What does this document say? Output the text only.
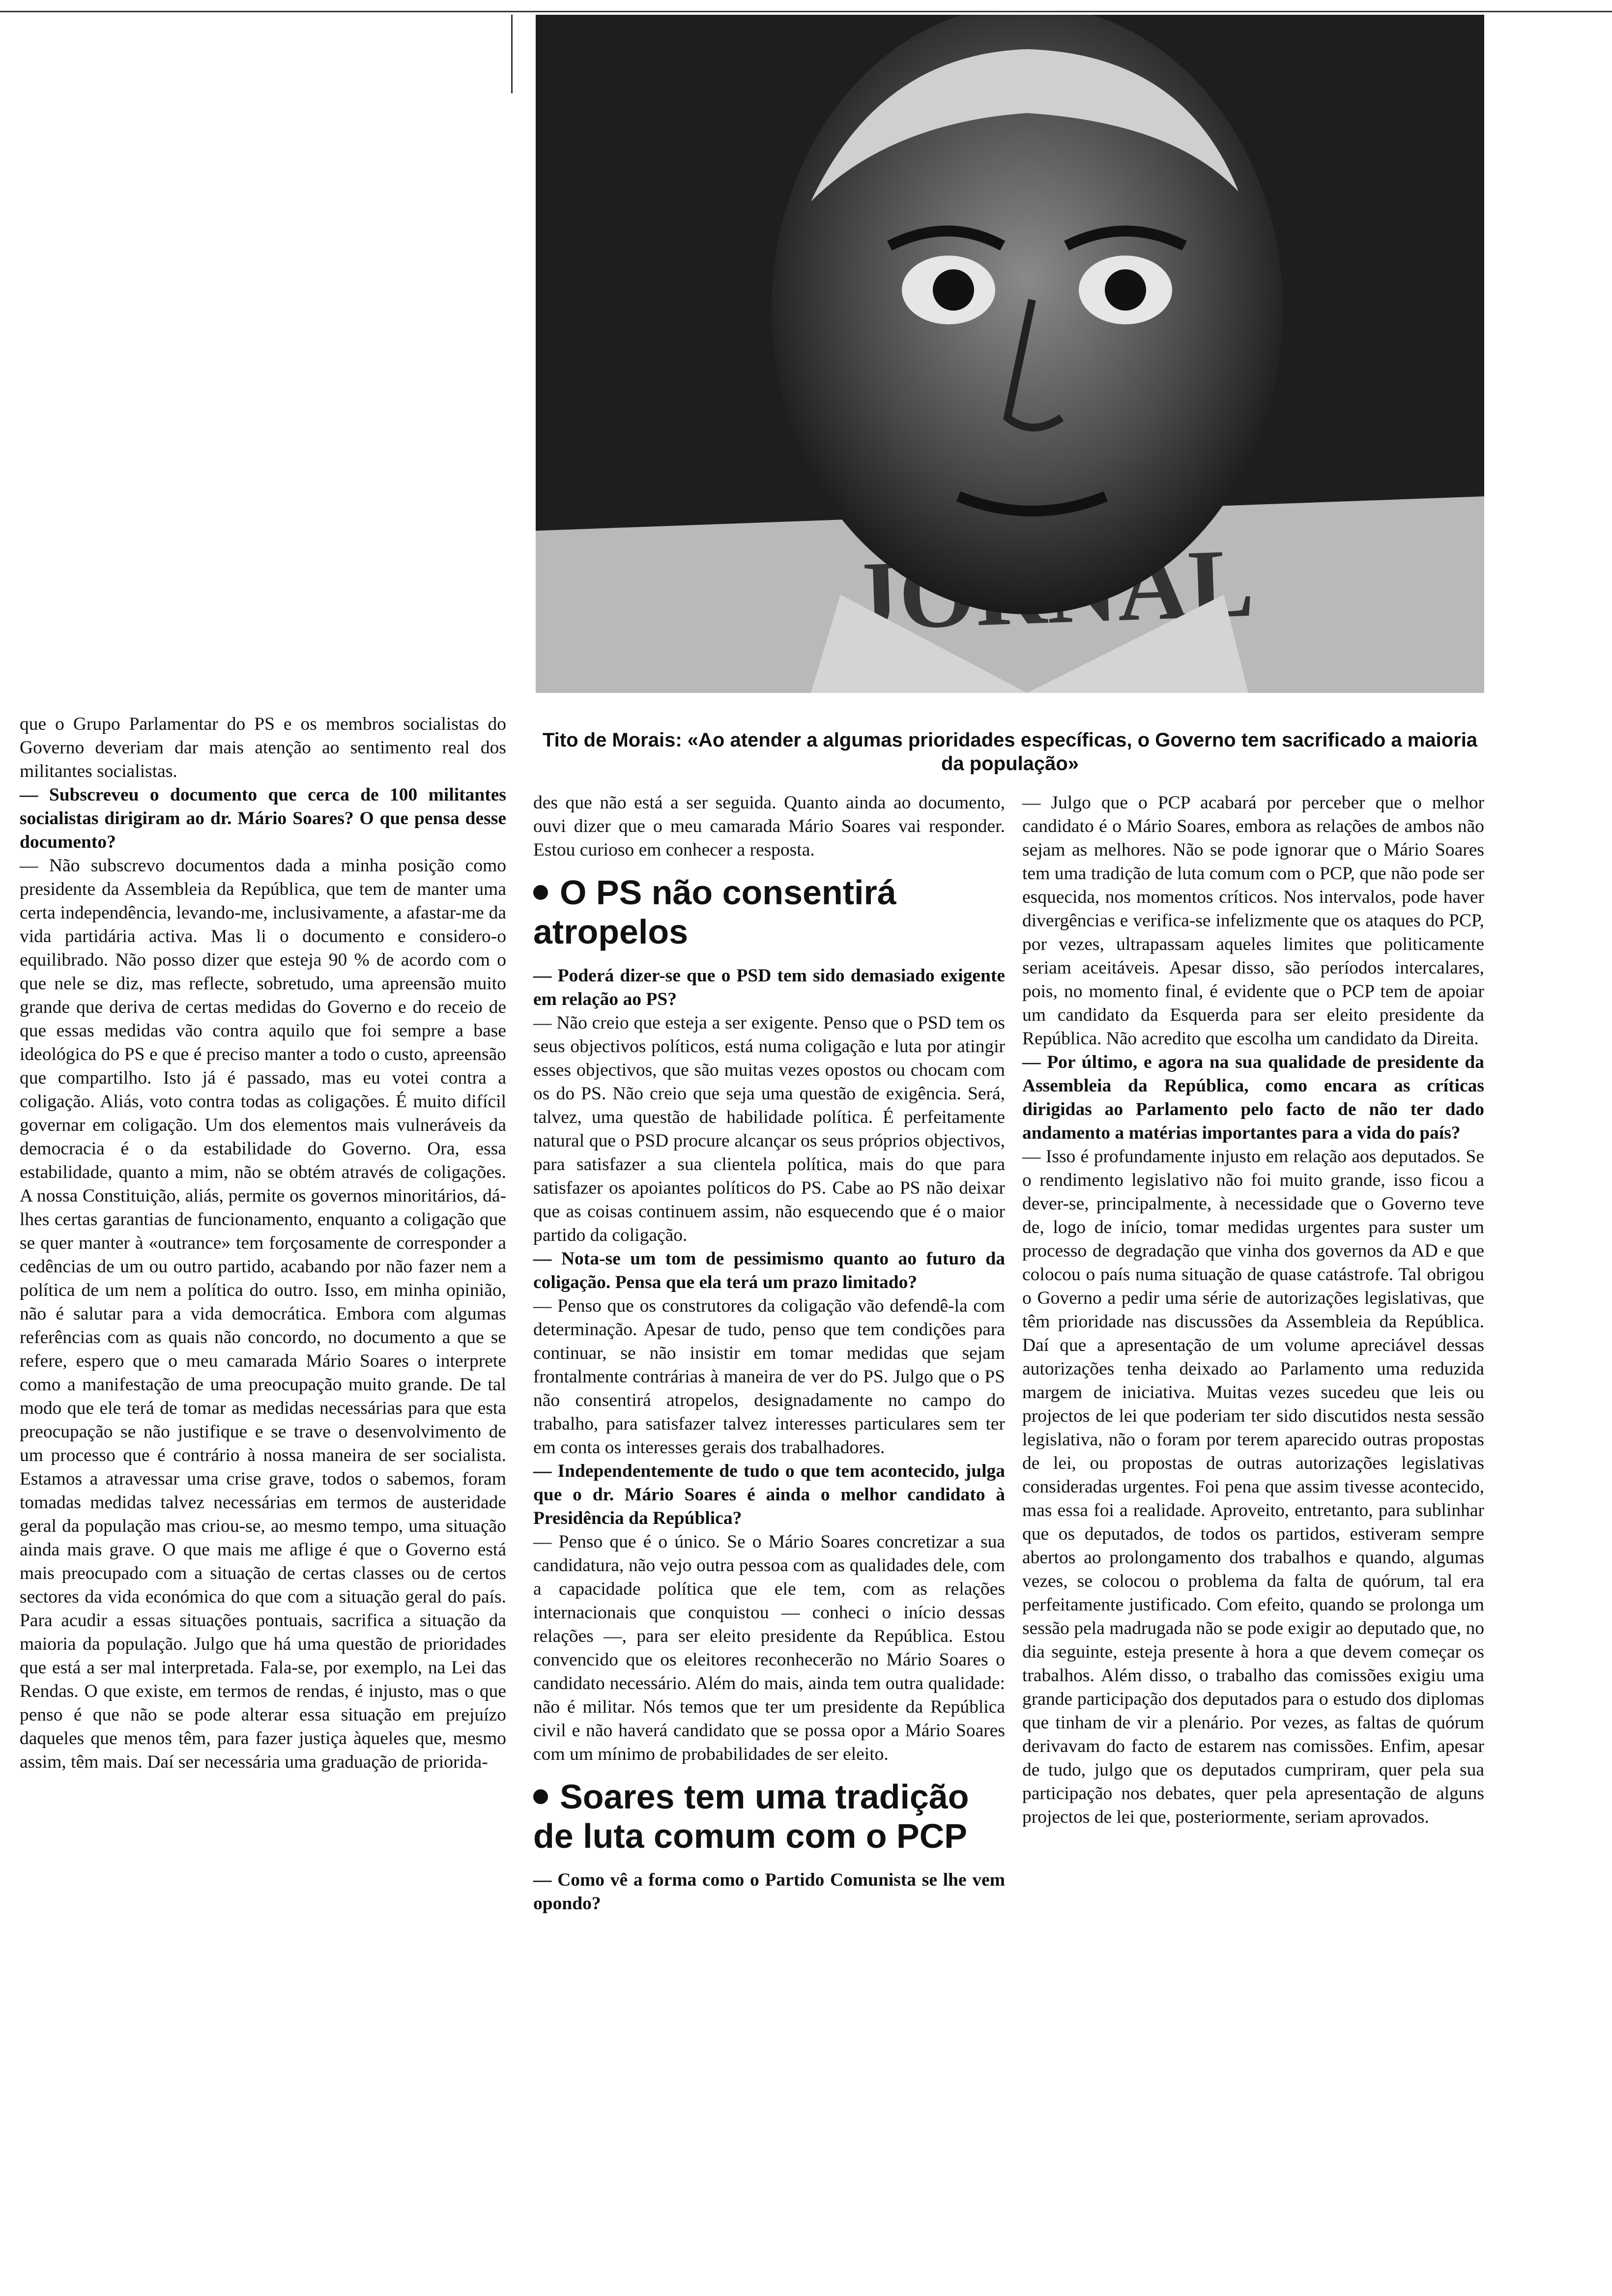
Tito de Morais: «Ao atender a algumas prioridades específicas, o Governo tem sacrificado a maioria da população»

que o Grupo Parlamentar do PS e os membros socialistas do Governo deveriam dar mais atenção ao sentimento real dos militantes socialistas.

— Subscreveu o documento que cerca de 100 militantes socialistas dirigiram ao dr. Mário Soares? O que pensa desse documento?

— Não subscrevo documentos dada a minha posição como presidente da Assembleia da República, que tem de manter uma certa independência, levando-me, inclusivamente, a afastar-me da vida partidária activa. Mas li o documento e considero-o equilibrado. Não posso dizer que esteja 90 % de acordo com o que nele se diz, mas reflecte, sobretudo, uma apreensão muito grande que deriva de certas medidas do Governo e do receio de que essas medidas vão contra aquilo que foi sempre a base ideológica do PS e que é preciso manter a todo o custo, apreensão que compartilho. Isto já é passado, mas eu votei contra a coligação. Aliás, voto contra todas as coligações. É muito difícil governar em coligação. Um dos elementos mais vulneráveis da democracia é o da estabilidade do Governo. Ora, essa estabilidade, quanto a mim, não se obtém através de coligações. A nossa Constituição, aliás, permite os governos minoritários, dá-lhes certas garantias de funcionamento, enquanto a coligação que se quer manter à «outrance» tem forçosamente de corresponder a cedências de um ou outro partido, acabando por não fazer nem a política de um nem a política do outro. Isso, em minha opinião, não é salutar para a vida democrática. Embora com algumas referências com as quais não concordo, no documento a que se refere, espero que o meu camarada Mário Soares o interprete como a manifestação de uma preocupação muito grande. De tal modo que ele terá de tomar as medidas necessárias para que esta preocupação se não justifique e se trave o desenvolvimento de um processo que é contrário à nossa maneira de ser socialista. Estamos a atravessar uma crise grave, todos o sabemos, foram tomadas medidas talvez necessárias em termos de austeridade geral da população mas criou-se, ao mesmo tempo, uma situação ainda mais grave. O que mais me aflige é que o Governo está mais preocupado com a situação de certas classes ou de certos sectores da vida económica do que com a situação geral do país. Para acudir a essas situações pontuais, sacrifica a situação da maioria da população. Julgo que há uma questão de prioridades que está a ser mal interpretada. Fala-se, por exemplo, na Lei das Rendas. O que existe, em termos de rendas, é injusto, mas o que penso é que não se pode alterar essa situação em prejuízo daqueles que menos têm, para fazer justiça àqueles que, mesmo assim, têm mais. Daí ser necessária uma graduação de priorida-

des que não está a ser seguida. Quanto ainda ao documento, ouvi dizer que o meu camarada Mário Soares vai responder. Estou curioso em conhecer a resposta.

O PS não consentirá atropelos

— Poderá dizer-se que o PSD tem sido demasiado exigente em relação ao PS?

— Não creio que esteja a ser exigente. Penso que o PSD tem os seus objectivos políticos, está numa coligação e luta por atingir esses objectivos, que são muitas vezes opostos ou chocam com os do PS. Não creio que seja uma questão de exigência. Será, talvez, uma questão de habilidade política. É perfeitamente natural que o PSD procure alcançar os seus próprios objectivos, para satisfazer a sua clientela política, mais do que para satisfazer os apoiantes políticos do PS. Cabe ao PS não deixar que as coisas continuem assim, não esquecendo que é o maior partido da coligação.

— Nota-se um tom de pessimismo quanto ao futuro da coligação. Pensa que ela terá um prazo limitado?

— Penso que os construtores da coligação vão defendê-la com determinação. Apesar de tudo, penso que tem condições para continuar, se não insistir em tomar medidas que sejam frontalmente contrárias à maneira de ver do PS. Julgo que o PS não consentirá atropelos, designadamente no campo do trabalho, para satisfazer talvez interesses particulares sem ter em conta os interesses gerais dos trabalhadores.

— Independentemente de tudo o que tem acontecido, julga que o dr. Mário Soares é ainda o melhor candidato à Presidência da República?

— Penso que é o único. Se o Mário Soares concretizar a sua candidatura, não vejo outra pessoa com as qualidades dele, com a capacidade política que ele tem, com as relações internacionais que conquistou — conheci o início dessas relações —, para ser eleito presidente da República. Estou convencido que os eleitores reconhecerão no Mário Soares o candidato necessário. Além do mais, ainda tem outra qualidade: não é militar. Nós temos que ter um presidente da República civil e não haverá candidato que se possa opor a Mário Soares com um mínimo de probabilidades de ser eleito.

Soares tem uma tradição de luta comum com o PCP

— Como vê a forma como o Partido Comunista se lhe vem opondo?

— Julgo que o PCP acabará por perceber que o melhor candidato é o Mário Soares, embora as relações de ambos não sejam as melhores. Não se pode ignorar que o Mário Soares tem uma tradição de luta comum com o PCP, que não pode ser esquecida, nos momentos críticos. Nos intervalos, pode haver divergências e verifica-se infelizmente que os ataques do PCP, por vezes, ultrapassam aqueles limites que politicamente seriam aceitáveis. Apesar disso, são períodos intercalares, pois, no momento final, é evidente que o PCP tem de apoiar um candidato da Esquerda para ser eleito presidente da República. Não acredito que escolha um candidato da Direita.

— Por último, e agora na sua qualidade de presidente da Assembleia da República, como encara as críticas dirigidas ao Parlamento pelo facto de não ter dado andamento a matérias importantes para a vida do país?

— Isso é profundamente injusto em relação aos deputados. Se o rendimento legislativo não foi muito grande, isso ficou a dever-se, principalmente, à necessidade que o Governo teve de, logo de início, tomar medidas urgentes para suster um processo de degradação que vinha dos governos da AD e que colocou o país numa situação de quase catástrofe. Tal obrigou o Governo a pedir uma série de autorizações legislativas, que têm prioridade nas discussões da Assembleia da República. Daí que a apresentação de um volume apreciável dessas autorizações tenha deixado ao Parlamento uma reduzida margem de iniciativa. Muitas vezes sucedeu que leis ou projectos de lei que poderiam ter sido discutidos nesta sessão legislativa, não o foram por terem aparecido outras propostas de lei, ou propostas de outras autorizações legislativas consideradas urgentes. Foi pena que assim tivesse acontecido, mas essa foi a realidade. Aproveito, entretanto, para sublinhar que os deputados, de todos os partidos, estiveram sempre abertos ao prolongamento dos trabalhos e quando, algumas vezes, se colocou o problema da falta de quórum, tal era perfeitamente justificado. Com efeito, quando se prolonga um sessão pela madrugada não se pode exigir ao deputado que, no dia seguinte, esteja presente à hora a que devem começar os trabalhos. Além disso, o trabalho das comissões exigiu uma grande participação dos deputados para o estudo dos diplomas que tinham de vir a plenário. Por vezes, as faltas de quórum derivavam do facto de estarem nas comissões. Enfim, apesar de tudo, julgo que os deputados cumpriram, quer pela sua participação nos debates, quer pela apresentação de alguns projectos de lei que, posteriormente, seriam aprovados.
